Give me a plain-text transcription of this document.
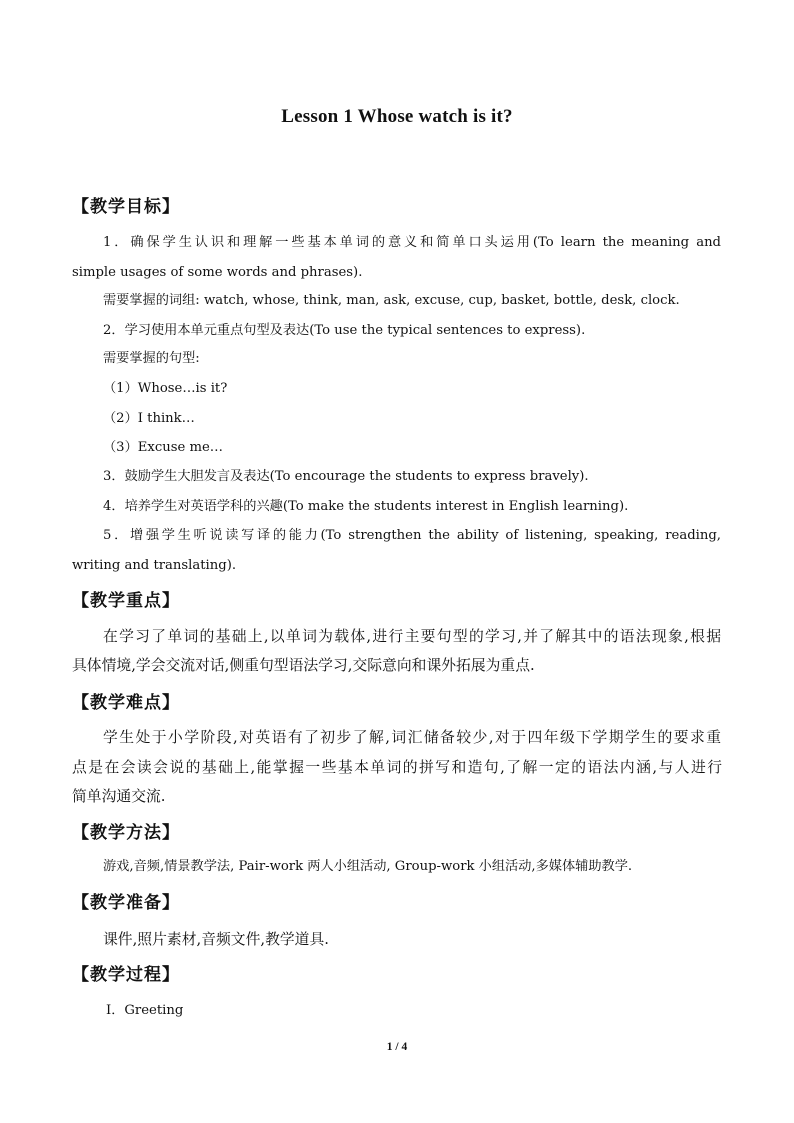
Lesson 1 Whose watch is it?
【教学目标】
1．确保学生认识和理解一些基本单词的意义和简单口头运用(To learn the meaning and
simple usages of some words and phrases).
需要掌握的词组: watch, whose, think, man, ask, excuse, cup, basket, bottle, desk, clock.
2．学习使用本单元重点句型及表达(To use the typical sentences to express).
需要掌握的句型:
（1）Whose…is it?
（2）I think…
（3）Excuse me…
3．鼓励学生大胆发言及表达(To encourage the students to express bravely).
4．培养学生对英语学科的兴趣(To make the students interest in English learning).
5．增强学生听说读写译的能力(To strengthen the ability of listening, speaking, reading,
writing and translating).
【教学重点】
在学习了单词的基础上,以单词为载体,进行主要句型的学习,并了解其中的语法现象,根据
具体情境,学会交流对话,侧重句型语法学习,交际意向和课外拓展为重点.
【教学难点】
学生处于小学阶段,对英语有了初步了解,词汇储备较少,对于四年级下学期学生的要求重
点是在会读会说的基础上,能掌握一些基本单词的拼写和造句,了解一定的语法内涵,与人进行
简单沟通交流.
【教学方法】
游戏,音频,情景教学法, Pair-work 两人小组活动, Group-work 小组活动,多媒体辅助教学.
【教学准备】
课件,照片素材,音频文件,教学道具.
【教学过程】
Ⅰ．Greeting
1 / 4
